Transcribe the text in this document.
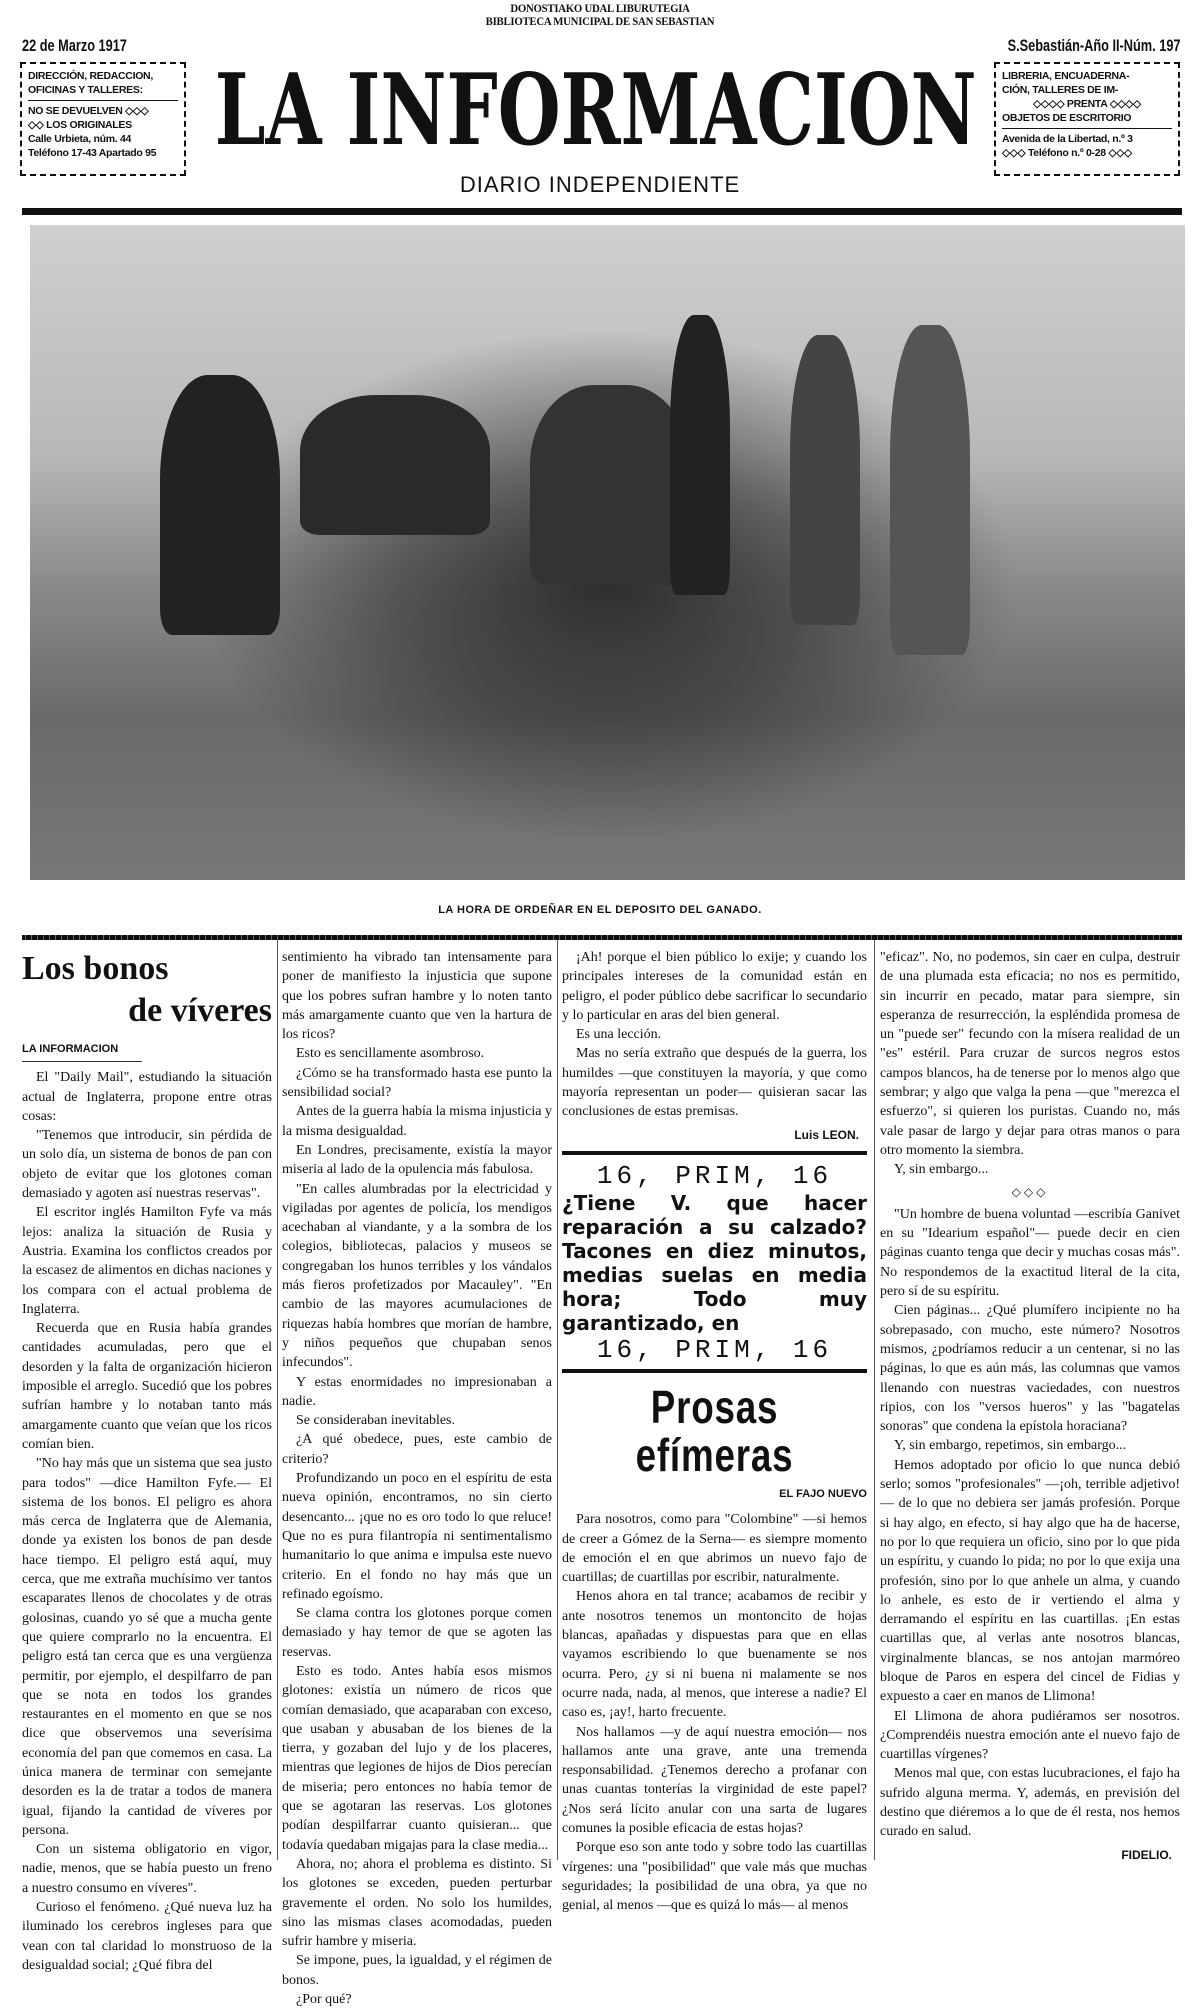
DONOSTIAKO UDAL LIBURUTEGIA
BIBLIOTECA MUNICIPAL DE SAN SEBASTIAN
22 de Marzo 1917	S.Sebastián-Año II-Núm. 197
DIRECCIÓN, REDACCION,
OFICINAS Y TALLERES:
NO SE DEVUELVEN ◇◇◇
◇◇ LOS ORIGINALES
Calle Urbieta, núm. 44
Teléfono 17-43 Apartado 95 LA INFORMACION
DIARIO INDEPENDIENTE
LIBRERIA, ENCUADERNA-
CIÓN, TALLERES DE IM-
◇◇◇◇ PRENTA ◇◇◇◇
OBJETOS DE ESCRITORIO
Avenida de la Libertad, n.º 3
◇◇◇ Teléfono n.º 0-28 ◇◇◇
LA HORA DE ORDEÑAR EN EL DEPOSITO DEL GANADO.
Los bonos
de víveres
LA INFORMACION

El "Daily Mail", estudiando la situación actual de Inglaterra, propone entre otras cosas:

"Tenemos que introducir, sin pérdida de un solo día, un sistema de bonos de pan con objeto de evitar que los glotones coman demasiado y agoten así nuestras reservas".

El escritor inglés Hamilton Fyfe va más lejos: analiza la situación de Rusia y Austria. Examina los conflictos creados por la escasez de alimentos en dichas naciones y los compara con el actual problema de Inglaterra.

Recuerda que en Rusia había grandes cantidades acumuladas, pero que el desorden y la falta de organización hicieron imposible el arreglo. Sucedió que los pobres sufrían hambre y lo notaban tanto más amargamente cuanto que veían que los ricos comían bien.

"No hay más que un sistema que sea justo para todos" —dice Hamilton Fyfe.— El sistema de los bonos. El peligro es ahora más cerca de Inglaterra que de Alemania, donde ya existen los bonos de pan desde hace tiempo. El peligro está aquí, muy cerca, que me extraña muchísimo ver tantos escaparates llenos de chocolates y de otras golosinas, cuando yo sé que a mucha gente que quiere comprarlo no la encuentra. El peligro está tan cerca que es una vergüenza permitir, por ejemplo, el despilfarro de pan que se nota en todos los grandes restaurantes en el momento en que se nos dice que observemos una severísima economía del pan que comemos en casa. La única manera de terminar con semejante desorden es la de tratar a todos de manera igual, fijando la cantidad de víveres por persona.

Con un sistema obligatorio en vigor, nadie, menos, que se había puesto un freno a nuestro consumo en víveres".

Curioso el fenómeno. ¿Qué nueva luz ha iluminado los cerebros ingleses para que vean con tal claridad lo monstruoso de la desigualdad social; ¿Qué fibra del

sentimiento ha vibrado tan intensamente para poner de manifiesto la injusticia que supone que los pobres sufran hambre y lo noten tanto más amargamente cuanto que ven la hartura de los ricos?

Esto es sencillamente asombroso.

¿Cómo se ha transformado hasta ese punto la sensibilidad social?

Antes de la guerra había la misma injusticia y la misma desigualdad.

En Londres, precisamente, existía la mayor miseria al lado de la opulencia más fabulosa.

"En calles alumbradas por la electricidad y vigiladas por agentes de policía, los mendigos acechaban al viandante, y a la sombra de los colegios, bibliotecas, palacios y museos se congregaban los hunos terribles y los vándalos más fieros profetizados por Macauley". "En cambio de las mayores acumulaciones de riquezas había hombres que morían de hambre, y niños pequeños que chupaban senos infecundos".

Y estas enormidades no impresionaban a nadie.

Se consideraban inevitables.

¿A qué obedece, pues, este cambio de criterio?

Profundizando un poco en el espíritu de esta nueva opinión, encontramos, no sin cierto desencanto... ¡que no es oro todo lo que reluce! Que no es pura filantropía ni sentimentalismo humanitario lo que anima e impulsa este nuevo criterio. En el fondo no hay más que un refinado egoísmo.

Se clama contra los glotones porque comen demasiado y hay temor de que se agoten las reservas.

Esto es todo. Antes había esos mismos glotones: existía un número de ricos que comían demasiado, que acaparaban con exceso, que usaban y abusaban de los bienes de la tierra, y gozaban del lujo y de los placeres, mientras que legiones de hijos de Dios perecían de miseria; pero entonces no había temor de que se agotaran las reservas. Los glotones podían despilfarrar cuanto quisieran... que todavía quedaban migajas para la clase media...

Ahora, no; ahora el problema es distinto. Si los glotones se exceden, pueden perturbar gravemente el orden. No solo los humildes, sino las mismas clases acomodadas, pueden sufrir hambre y miseria.

Se impone, pues, la igualdad, y el régimen de bonos.

¿Por qué?

¡Ah! porque el bien público lo exije; y cuando los principales intereses de la comunidad están en peligro, el poder público debe sacrificar lo secundario y lo particular en aras del bien general.

Es una lección.

Mas no sería extraño que después de la guerra, los humildes —que constituyen la mayoría, y que como mayoría representan un poder— quisieran sacar las conclusiones de estas premisas.

Luis LEON.
16, PRIM, 16
¿Tiene V. que hacer reparación a su calzado? Tacones en diez minutos, medias suelas en media hora; Todo muy garantizado, en
16, PRIM, 16
Prosas efímeras
EL FAJO NUEVO

Para nosotros, como para "Colombine" —si hemos de creer a Gómez de la Serna— es siempre momento de emoción el en que abrimos un nuevo fajo de cuartillas; de cuartillas por escribir, naturalmente.

Henos ahora en tal trance; acabamos de recibir y ante nosotros tenemos un montoncito de hojas blancas, apañadas y dispuestas para que en ellas vayamos escribiendo lo que buenamente se nos ocurra. Pero, ¿y si ni buena ni malamente se nos ocurre nada, nada, al menos, que interese a nadie? El caso es, ¡ay!, harto frecuente.

Nos hallamos —y de aquí nuestra emoción— nos hallamos ante una grave, ante una tremenda responsabilidad. ¿Tenemos derecho a profanar con unas cuantas tonterías la virginidad de este papel? ¿Nos será lícito anular con una sarta de lugares comunes la posible eficacia de estas hojas?

Porque eso son ante todo y sobre todo las cuartillas vírgenes: una "posibilidad" que vale más que muchas seguridades; la posibilidad de una obra, ya que no genial, al menos —que es quizá lo más— al menos

"eficaz". No, no podemos, sin caer en culpa, destruir de una plumada esta eficacia; no nos es permitido, sin incurrir en pecado, matar para siempre, sin esperanza de resurrección, la espléndida promesa de un "puede ser" fecundo con la mísera realidad de un "es" estéril. Para cruzar de surcos negros estos campos blancos, ha de tenerse por lo menos algo que sembrar; y algo que valga la pena —que "merezca el esfuerzo", si quieren los puristas. Cuando no, más vale pasar de largo y dejar para otras manos o para otro momento la siembra.

Y, sin embargo...

◇◇◇

"Un hombre de buena voluntad —escribía Ganivet en su "Idearium español"— puede decir en cien páginas cuanto tenga que decir y muchas cosas más". No respondemos de la exactitud literal de la cita, pero sí de su espíritu.

Cien páginas... ¿Qué plumífero incipiente no ha sobrepasado, con mucho, este número? Nosotros mismos, ¿podríamos reducir a un centenar, si no las páginas, lo que es aún más, las columnas que vamos llenando con nuestras vaciedades, con nuestros ripios, con los "versos hueros" y las "bagatelas sonoras" que condena la epístola horaciana?

Y, sin embargo, repetimos, sin embargo...

Hemos adoptado por oficio lo que nunca debió serlo; somos "profesionales" —¡oh, terrible adjetivo!— de lo que no debiera ser jamás profesión. Porque si hay algo, en efecto, si hay algo que ha de hacerse, no por lo que requiera un oficio, sino por lo que pida un espíritu, y cuando lo pida; no por lo que exija una profesión, sino por lo que anhele un alma, y cuando lo anhele, es esto de ir vertiendo el alma y derramando el espíritu en las cuartillas. ¡En estas cuartillas que, al verlas ante nosotros blancas, virginalmente blancas, se nos antojan marmóreo bloque de Paros en espera del cincel de Fidias y expuesto a caer en manos de Llimona!

El Llimona de ahora pudiéramos ser nosotros. ¿Comprendéis nuestra emoción ante el nuevo fajo de cuartillas vírgenes?

Menos mal que, con estas lucubraciones, el fajo ha sufrido alguna merma. Y, además, en previsión del destino que diéremos a lo que de él resta, nos hemos curado en salud.

FIDELIO.
